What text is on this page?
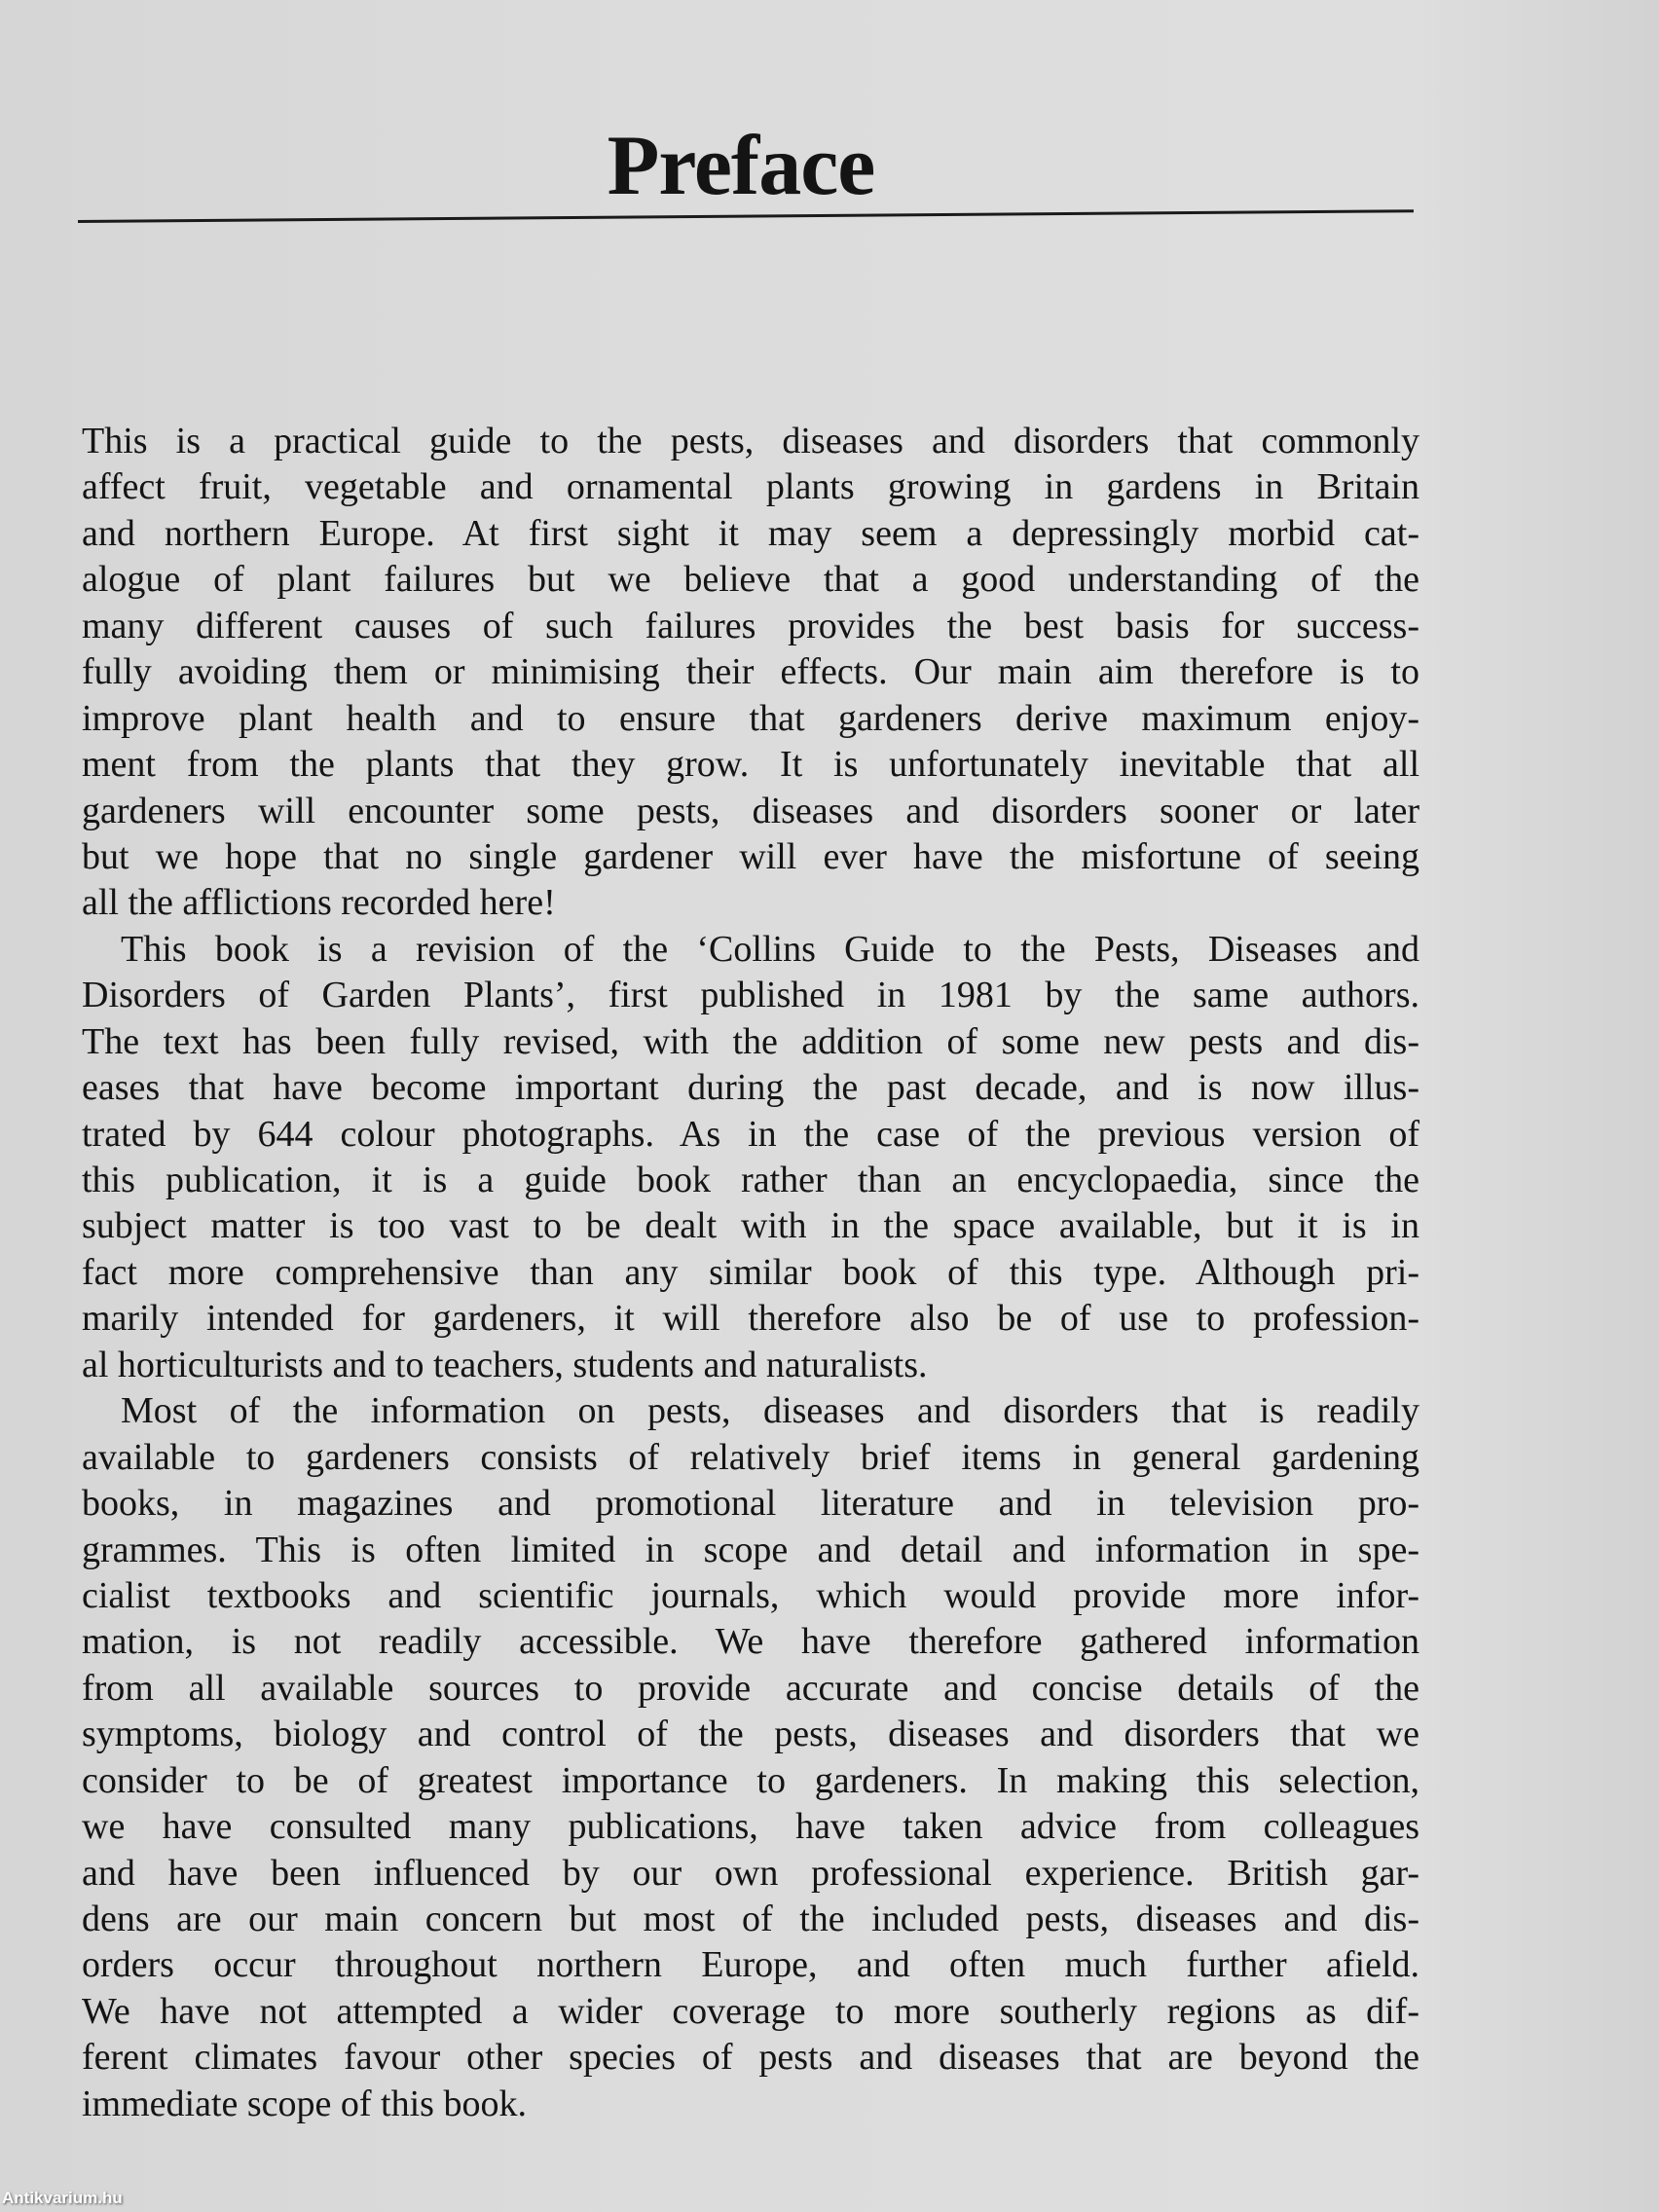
Preface
This is a practical guide to the pests, diseases and disorders that commonly
affect fruit, vegetable and ornamental plants growing in gardens in Britain
and northern Europe. At first sight it may seem a depressingly morbid cat-
alogue of plant failures but we believe that a good understanding of the
many different causes of such failures provides the best basis for success-
fully avoiding them or minimising their effects. Our main aim therefore is to
improve plant health and to ensure that gardeners derive maximum enjoy-
ment from the plants that they grow. It is unfortunately inevitable that all
gardeners will encounter some pests, diseases and disorders sooner or later
but we hope that no single gardener will ever have the misfortune of seeing
all the afflictions recorded here!
This book is a revision of the ‘Collins Guide to the Pests, Diseases and
Disorders of Garden Plants’, first published in 1981 by the same authors.
The text has been fully revised, with the addition of some new pests and dis-
eases that have become important during the past decade, and is now illus-
trated by 644 colour photographs. As in the case of the previous version of
this publication, it is a guide book rather than an encyclopaedia, since the
subject matter is too vast to be dealt with in the space available, but it is in
fact more comprehensive than any similar book of this type. Although pri-
marily intended for gardeners, it will therefore also be of use to profession-
al horticulturists and to teachers, students and naturalists.
Most of the information on pests, diseases and disorders that is readily
available to gardeners consists of relatively brief items in general gardening
books, in magazines and promotional literature and in television pro-
grammes. This is often limited in scope and detail and information in spe-
cialist textbooks and scientific journals, which would provide more infor-
mation, is not readily accessible. We have therefore gathered information
from all available sources to provide accurate and concise details of the
symptoms, biology and control of the pests, diseases and disorders that we
consider to be of greatest importance to gardeners. In making this selection,
we have consulted many publications, have taken advice from colleagues
and have been influenced by our own professional experience. British gar-
dens are our main concern but most of the included pests, diseases and dis-
orders occur throughout northern Europe, and often much further afield.
We have not attempted a wider coverage to more southerly regions as dif-
ferent climates favour other species of pests and diseases that are beyond the
immediate scope of this book.
Antikvarium.hu
